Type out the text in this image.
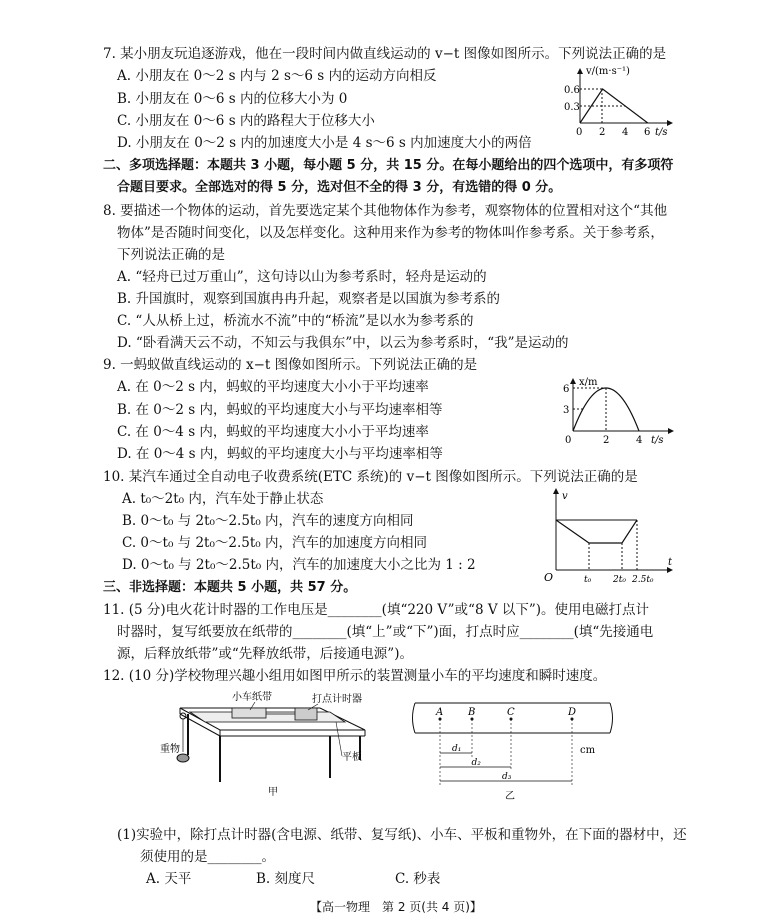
7. 某小朋友玩追逐游戏，他在一段时间内做直线运动的 v−t 图像如图所示。下列说法正确的是
A. 小朋友在 0～2 s 内与 2 s～6 s 内的运动方向相反
B. 小朋友在 0～6 s 内的位移大小为 0
C. 小朋友在 0～6 s 内的路程大于位移大小
D. 小朋友在 0～2 s 内的加速度大小是 4 s～6 s 内加速度大小的两倍
v/(m·s⁻¹)
0.6
0.3
0 2 4 6 t/s
二、多项选择题：本题共 3 小题，每小题 5 分，共 15 分。在每小题给出的四个选项中，有多项符
合题目要求。全部选对的得 5 分，选对但不全的得 3 分，有选错的得 0 分。
8. 要描述一个物体的运动，首先要选定某个其他物体作为参考，观察物体的位置相对这个“其他
物体”是否随时间变化，以及怎样变化。这种用来作为参考的物体叫作参考系。关于参考系，
下列说法正确的是
A. “轻舟已过万重山”，这句诗以山为参考系时，轻舟是运动的
B. 升国旗时，观察到国旗冉冉升起，观察者是以国旗为参考系的
C. “人从桥上过，桥流水不流”中的“桥流”是以水为参考系的
D. “卧看满天云不动，不知云与我俱东”中，以云为参考系时，“我”是运动的
9. 一蚂蚁做直线运动的 x−t 图像如图所示。下列说法正确的是
A. 在 0～2 s 内，蚂蚁的平均速度大小小于平均速率
B. 在 0～2 s 内，蚂蚁的平均速度大小与平均速率相等
C. 在 0～4 s 内，蚂蚁的平均速度大小小于平均速率
D. 在 0～4 s 内，蚂蚁的平均速度大小与平均速率相等
x/m
6
3
0	2	4 t/s
10. 某汽车通过全自动电子收费系统(ETC 系统)的 v−t 图像如图所示。下列说法正确的是
A. t₀～2t₀ 内，汽车处于静止状态
B. 0～t₀ 与 2t₀～2.5t₀ 内，汽车的速度方向相同
C. 0～t₀ 与 2t₀～2.5t₀ 内，汽车的加速度方向相同
D. 0～t₀ 与 2t₀～2.5t₀ 内，汽车的加速度大小之比为 1 : 2
v
O	t₀ 2t₀ 2.5t₀
t
三、非选择题：本题共 5 小题，共 57 分。
11. (5 分)电火花计时器的工作电压是________(填“220 V”或“8 V 以下”)。使用电磁打点计
时器时，复写纸要放在纸带的________(填“上”或“下”)面，打点时应________(填“先接通电
源，后释放纸带”或“先释放纸带，后接通电源”)。
12. (10 分)学校物理兴趣小组用如图甲所示的装置测量小车的平均速度和瞬时速度。
小车纸带	打点计时器
重物
平板
甲
A B	C	D
d₁
d₂
d₃
cm
乙
(1)实验中，除打点计时器(含电源、纸带、复写纸)、小车、平板和重物外，在下面的器材中，还
须使用的是________。
A. 天平	B. 刻度尺	C. 秒表
【高一物理　第 2 页(共 4 页)】
